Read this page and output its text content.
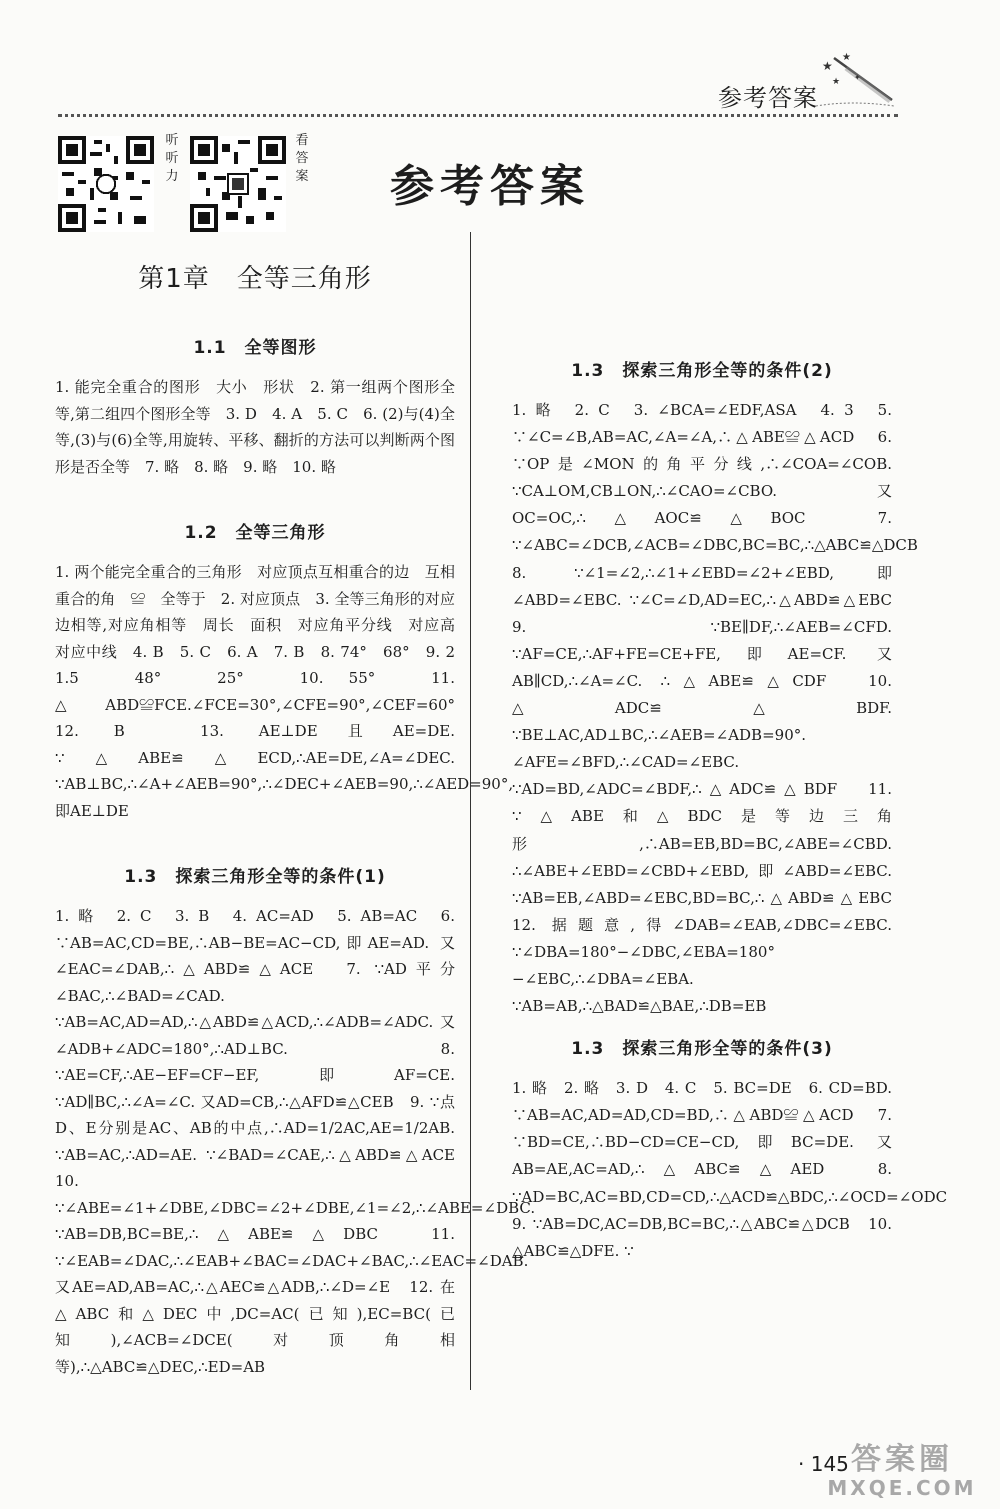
参考答案
★
★
★ ✦
听听力
看答案 参考答案
第1章　全等三角形
1.1　全等图形

1. 能完全重合的图形　大小　形状　2. 第一组两个图形全等,第二组四个图形全等　3. D　4. A　5. C　6. (2)与(4)全等,(3)与(6)全等,用旋转、平移、翻折的方法可以判断两个图形是否全等　7. 略　8. 略　9. 略　10. 略

1.2　全等三角形

1. 两个能完全重合的三角形　对应顶点互相重合的边　互相重合的角　≌　全等于　2. 对应顶点　3. 全等三角形的对应边相等,对应角相等　周长　面积　对应角平分线　对应高　对应中线　4. B　5. C　6. A　7. B　8. 74°　68°　9. 2　1.5　48°　25°　10. 55°　11. △ABD≌FCE.∠FCE=30°,∠CFE=90°,∠CEF=60°　12. B　13. AE⊥DE且AE=DE. ∵△ABE≌△ECD,∴AE=DE,∠A=∠DEC. ∵AB⊥BC,∴∠A+∠AEB=90°,∴∠DEC+∠AEB=90,∴∠AED=90°,即AE⊥DE

1.3　探索三角形全等的条件(1)

1. 略　2. C　3. B　4. AC=AD　5. AB=AC　6. ∵AB=AC,CD=BE,∴AB−BE=AC−CD,即AE=AD. 又∠EAC=∠DAB,∴△ABD≌△ACE　7. ∵AD平分∠BAC,∴∠BAD=∠CAD. ∵AB=AC,AD=AD,∴△ABD≌△ACD,∴∠ADB=∠ADC. 又∠ADB+∠ADC=180°,∴AD⊥BC.　8. ∵AE=CF,∴AE−EF=CF−EF,即AF=CE. ∵AD∥BC,∴∠A=∠C. 又AD=CB,∴△AFD≌△CEB　9. ∵点D、E分别是AC、AB的中点,∴AD=1/2AC,AE=1/2AB. ∵AB=AC,∴AD=AE. ∵∠BAD=∠CAE,∴△ABD≌△ACE　10. ∵∠ABE=∠1+∠DBE,∠DBC=∠2+∠DBE,∠1=∠2,∴∠ABE=∠DBC. ∵AB=DB,BC=BE,∴△ABE≌△DBC　11. ∵∠EAB=∠DAC,∴∠EAB+∠BAC=∠DAC+∠BAC,∴∠EAC=∠DAB. 又AE=AD,AB=AC,∴△AEC≌△ADB,∴∠D=∠E　12. 在△ABC和△DEC中,DC=AC(已知),EC=BC(已知),∠ACB=∠DCE(对顶角相等),∴△ABC≌△DEC,∴ED=AB

1.3　探索三角形全等的条件(2)

1. 略　2. C　3. ∠BCA=∠EDF,ASA　4. 3　5. ∵∠C=∠B,AB=AC,∠A=∠A,∴△ABE≌△ACD　6. ∵OP是∠MON的角平分线,∴∠COA=∠COB. ∵CA⊥OM,CB⊥ON,∴∠CAO=∠CBO. 又OC=OC,∴△AOC≌△BOC　7. ∵∠ABC=∠DCB,∠ACB=∠DBC,BC=BC,∴△ABC≌△DCB　8. ∵∠1=∠2,∴∠1+∠EBD=∠2+∠EBD,即∠ABD=∠EBC. ∵∠C=∠D,AD=EC,∴△ABD≌△EBC　9. ∵BE∥DF,∴∠AEB=∠CFD. ∵AF=CE,∴AF+FE=CE+FE,即AE=CF. 又AB∥CD,∴∠A=∠C. ∴△ABE≌△CDF　10. △ADC≌△BDF. ∵BE⊥AC,AD⊥BC,∴∠AEB=∠ADB=90°. ∠AFE=∠BFD,∴∠CAD=∠EBC. ∵AD=BD,∠ADC=∠BDF,∴△ADC≌△BDF　11. ∵△ABE和△BDC是等边三角形,∴AB=EB,BD=BC,∠ABE=∠CBD. ∴∠ABE+∠EBD=∠CBD+∠EBD,即∠ABD=∠EBC. ∵AB=EB,∠ABD=∠EBC,BD=BC,∴△ABD≌△EBC　12. 据题意,得∠DAB=∠EAB,∠DBC=∠EBC. ∵∠DBA=180°−∠DBC,∠EBA=180°−∠EBC,∴∠DBA=∠EBA. ∵AB=AB,∴△BAD≌△BAE,∴DB=EB

1.3　探索三角形全等的条件(3)

1. 略　2. 略　3. D　4. C　5. BC=DE　6. CD=BD. ∵AB=AC,AD=AD,CD=BD,∴△ABD≌△ACD　7. ∵BD=CE,∴BD−CD=CE−CD,即BC=DE. 又AB=AE,AC=AD,∴△ABC≌△AED　8. ∵AD=BC,AC=BD,CD=CD,∴△ACD≌△BDC,∴∠OCD=∠ODC　9. ∵AB=DC,AC=DB,BC=BC,∴△ABC≌△DCB　10. △ABC≌△DFE. ∵

· 145 答案圈
MXQE.COM
